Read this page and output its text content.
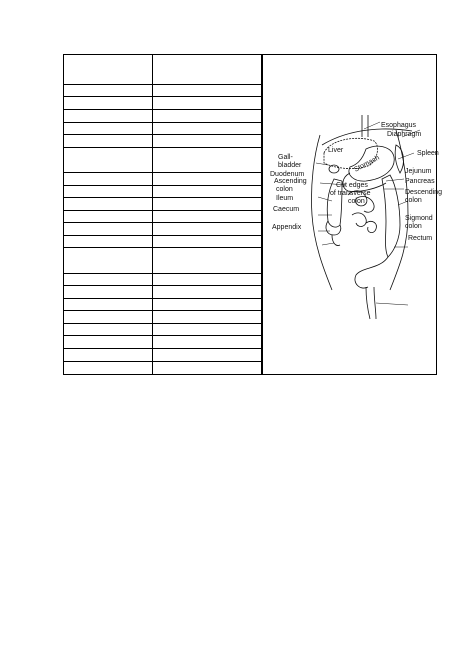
Esophagus
Diaphragm
Liver	Spleen
Gall-
bladder	Stomach
Duodenum	Jejunum
Ascending
colon
Pancreas
Cut edges
of transverse
colon
Ileum
Descending
colon
Caecum
Sigmond
colon
Appendix
Rectum
